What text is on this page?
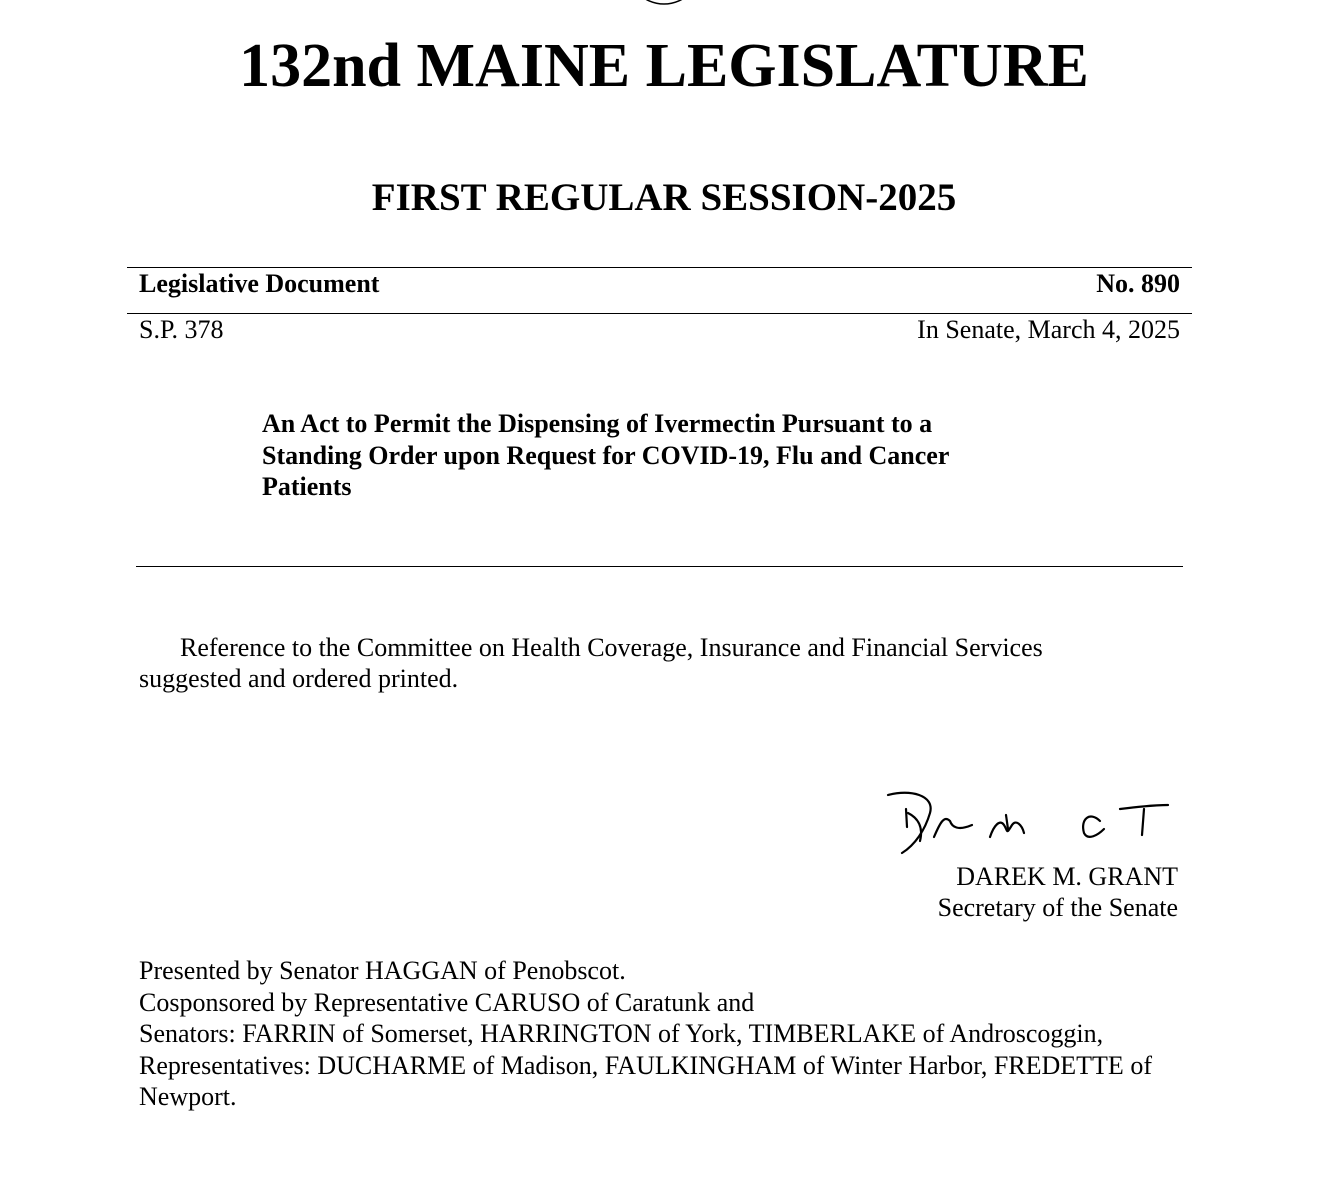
132nd MAINE LEGISLATURE
FIRST REGULAR SESSION-2025
Legislative Document	No. 890
S.P. 378	In Senate, March 4, 2025
An Act to Permit the Dispensing of Ivermectin Pursuant to a Standing Order upon Request for COVID-19, Flu and Cancer Patients
Reference to the Committee on Health Coverage, Insurance and Financial Services suggested and ordered printed.
DAREK M. GRANT
Secretary of the Senate
Presented by Senator HAGGAN of Penobscot.
Cosponsored by Representative CARUSO of Caratunk and
Senators: FARRIN of Somerset, HARRINGTON of York, TIMBERLAKE of Androscoggin,
Representatives: DUCHARME of Madison, FAULKINGHAM of Winter Harbor, FREDETTE of Newport.
